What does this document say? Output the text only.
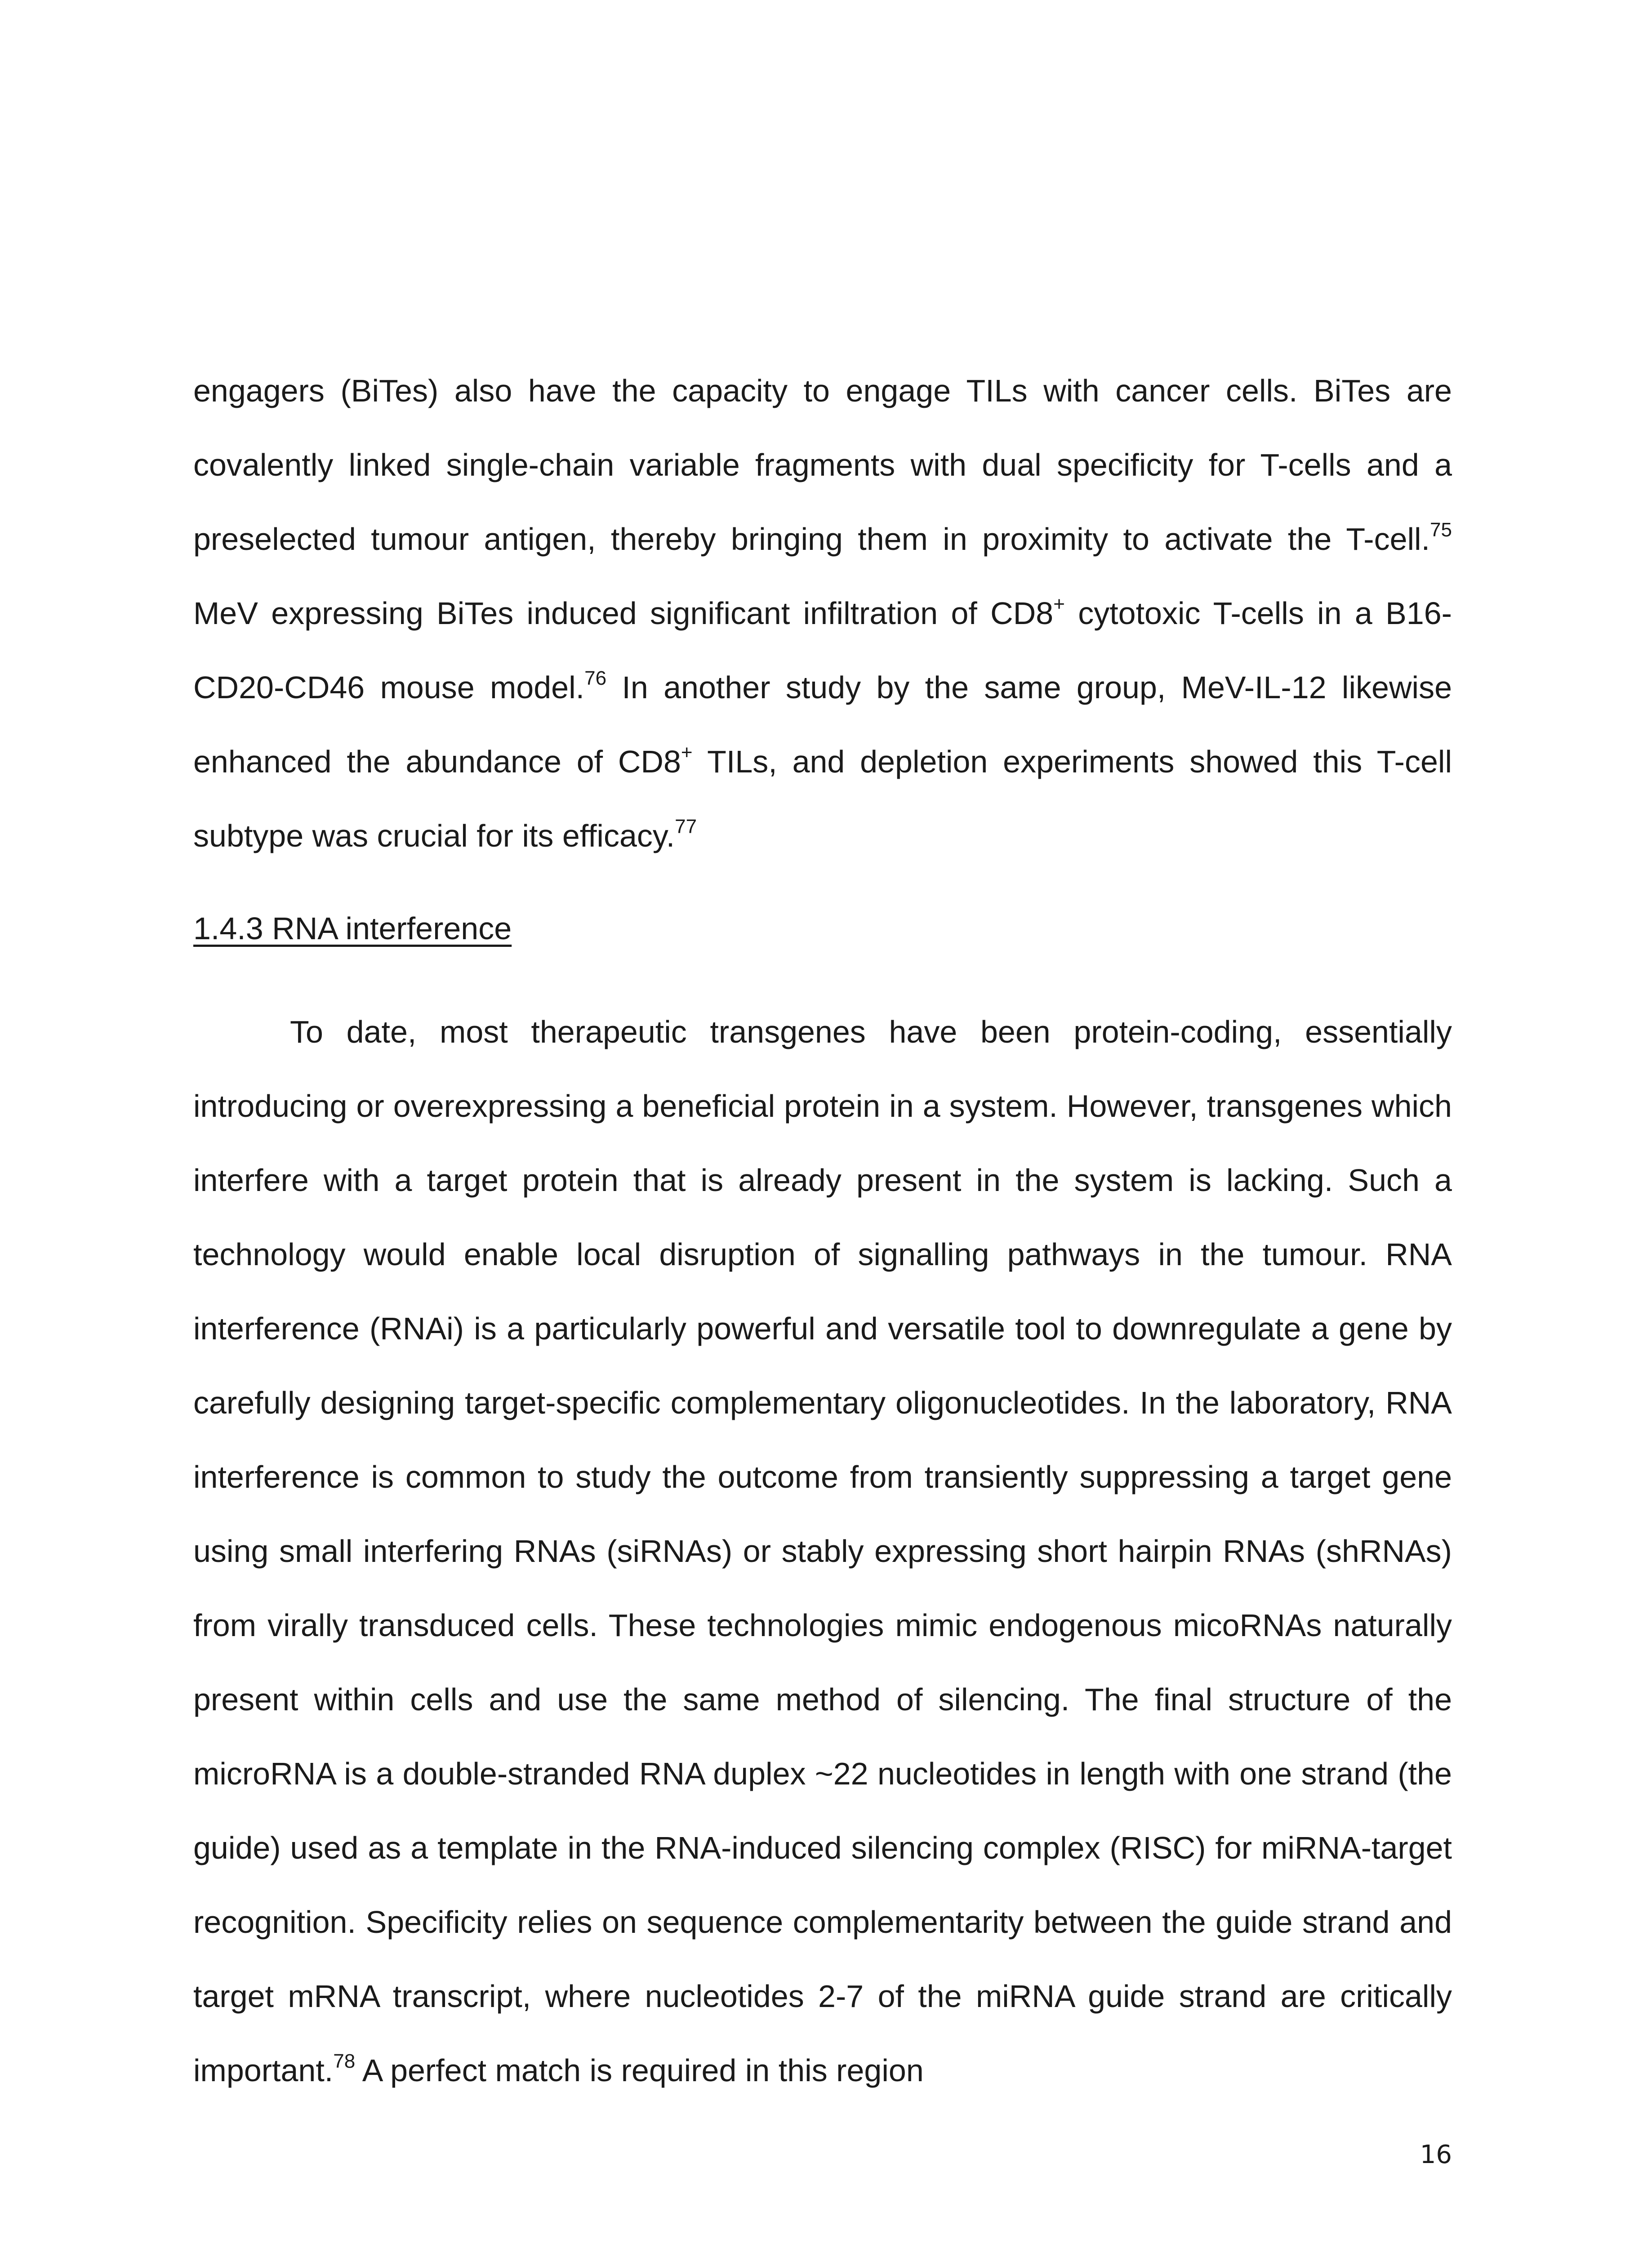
engagers (BiTes) also have the capacity to engage TILs with cancer cells. BiTes are covalently linked single-chain variable fragments with dual specificity for T-cells and a preselected tumour antigen, thereby bringing them in proximity to activate the T-cell.$^{75}$ MeV expressing BiTes induced significant infiltration of CD8+ cytotoxic T-cells in a B16-CD20-CD46 mouse model.$^{76}$ In another study by the same group, MeV-IL-12 likewise enhanced the abundance of CD8+ TILs, and depletion experiments showed this T-cell subtype was crucial for its efficacy.$^{77}$

1.4.3 RNA interference

To date, most therapeutic transgenes have been protein-coding, essentially introducing or overexpressing a beneficial protein in a system. However, transgenes which interfere with a target protein that is already present in the system is lacking. Such a technology would enable local disruption of signalling pathways in the tumour. RNA interference (RNAi) is a particularly powerful and versatile tool to downregulate a gene by carefully designing target-specific complementary oligonucleotides. In the laboratory, RNA interference is common to study the outcome from transiently suppressing a target gene using small interfering RNAs (siRNAs) or stably expressing short hairpin RNAs (shRNAs) from virally transduced cells. These technologies mimic endogenous micoRNAs naturally present within cells and use the same method of silencing. The final structure of the microRNA is a double-stranded RNA duplex ~22 nucleotides in length with one strand (the guide) used as a template in the RNA-induced silencing complex (RISC) for miRNA-target recognition. Specificity relies on sequence complementarity between the guide strand and target mRNA transcript, where nucleotides 2-7 of the miRNA guide strand are critically important.$^{78}$ A perfect match is required in this region

16
